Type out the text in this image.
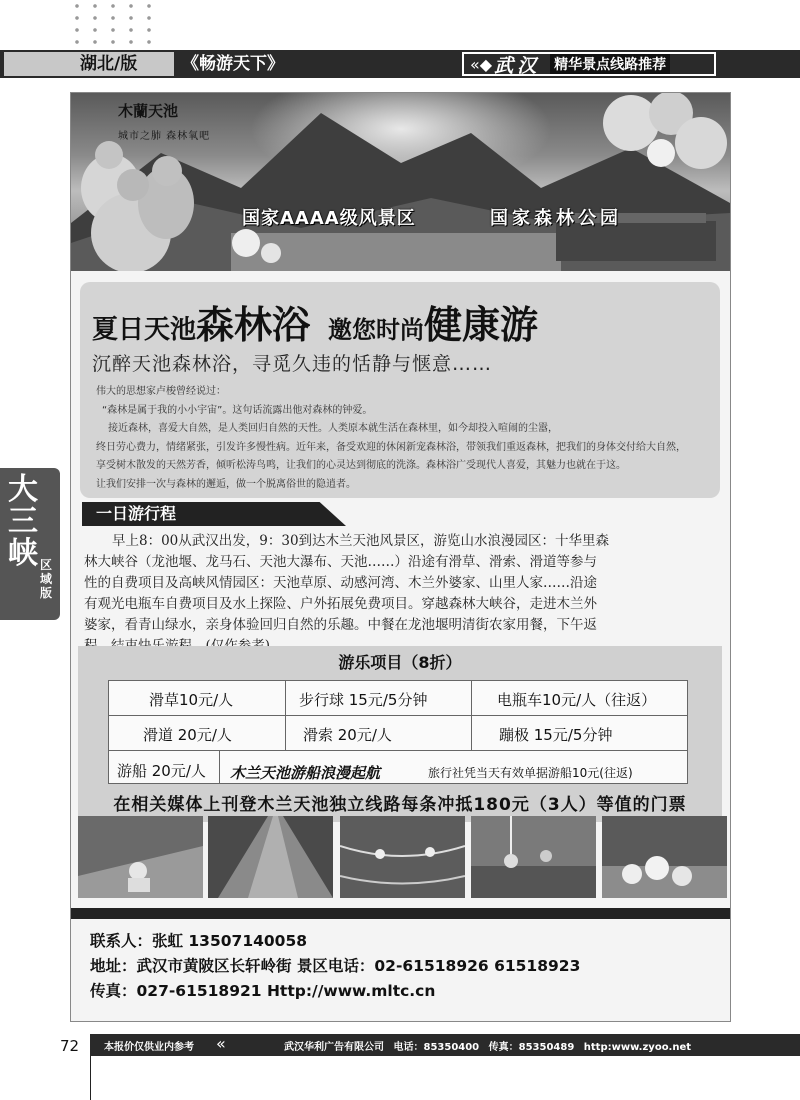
湖北/版	《畅游天下》	«◆ 武汉 精华景点线路推荐
大三峡 区域版
木蘭天池
城市之肺 森林氧吧
国家AAAA级风景区	国家森林公园
夏日天池森林浴 邀您时尚健康游
沉醉天池森林浴，寻觅久违的恬静与惬意……
伟大的思想家卢梭曾经说过：
“森林是属于我的小小宇宙”。这句话流露出他对森林的钟爱。
接近森林，喜爱大自然，是人类回归自然的天性。人类原本就生活在森林里，如今却投入喧闹的尘嚣，
终日劳心费力，情绪紧张，引发许多慢性病。近年来，备受欢迎的休闲新宠森林浴，带领我们重返森林，把我们的身体交付给大自然，
享受树木散发的天然芳香，倾听松涛鸟鸣，让我们的心灵达到彻底的洗涤。森林浴广受现代人喜爱，其魅力也就在于这。
让我们安排一次与森林的邂逅，做一个脱离俗世的隐逍者。
一日游行程
早上8：00从武汉出发，9：30到达木兰天池风景区，游览山水浪漫园区：十华里森
林大峡谷（龙池堰、龙马石、天池大瀑布、天池……）沿途有滑草、滑索、滑道等参与
性的自费项目及高峡风情园区：天池草原、动感河湾、木兰外婆家、山里人家……沿途
有观光电瓶车自费项目及水上探险、户外拓展免费项目。穿越森林大峡谷，走进木兰外
婆家，看青山绿水，亲身体验回归自然的乐趣。中餐在龙池堰明清街农家用餐，下午返
游乐项目（8折）
滑草10元/人	步行球 15元/5分钟	电瓶车10元/人（往返）
滑道 20元/人	滑索 20元/人	蹦极 15元/5分钟
游船 20元/人 木兰天池游船浪漫起航	旅行社凭当天有效单据游船10元(往返)
在相关媒体上刊登木兰天池独立线路每条冲抵180元（3人）等值的门票
联系人：张虹 13507140058
地址：武汉市黄陂区长轩岭街 景区电话：02-61518926 61518923
传真：027-61518921 Http://www.mltc.cn
72 本报价仅供业内参考 «	武汉华利广告有限公司 电话：85350400 传真：85350489 http:www.zyoo.net
